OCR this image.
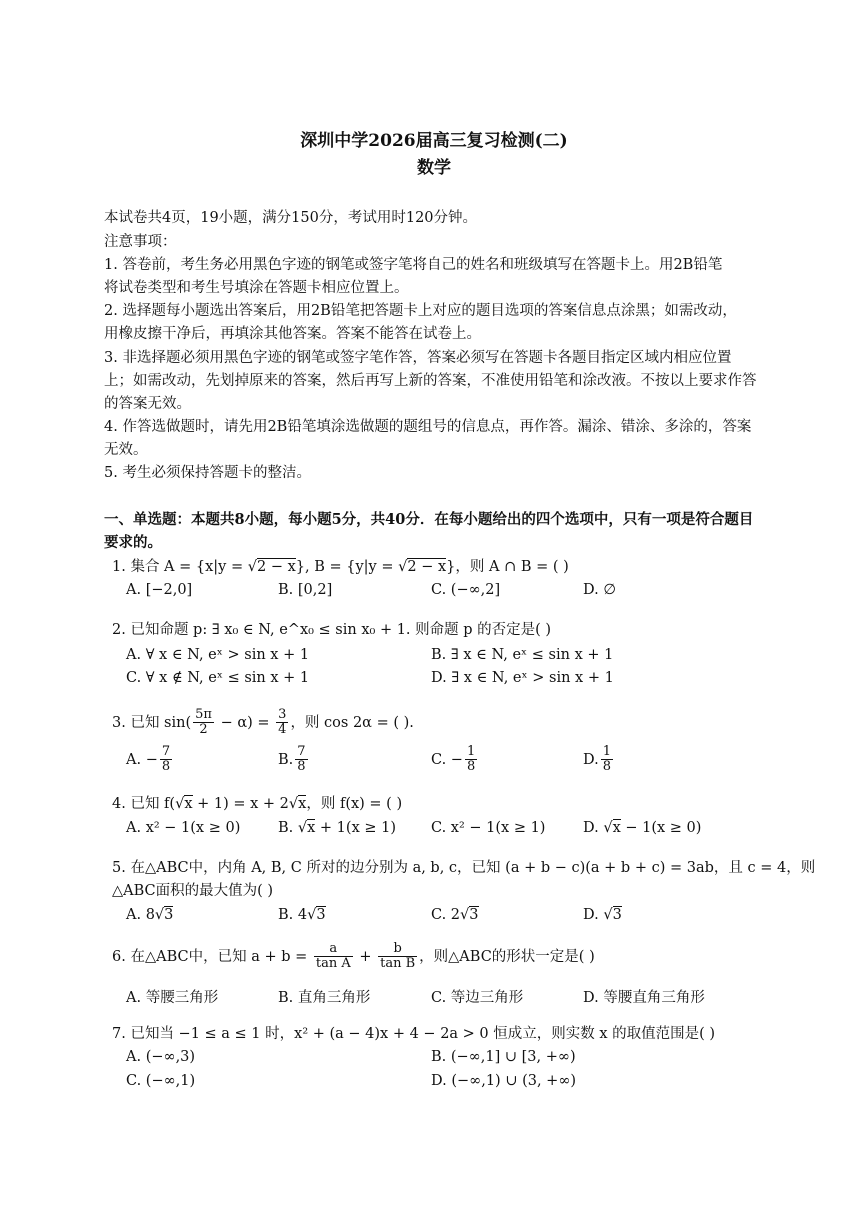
深圳中学2026届高三复习检测(二)
数学
本试卷共4页，19小题，满分150分，考试用时120分钟。
注意事项：
1. 答卷前，考生务必用黑色字迹的钢笔或签字笔将自己的姓名和班级填写在答题卡上。用2B铅笔
将试卷类型和考生号填涂在答题卡相应位置上。
2. 选择题每小题选出答案后，用2B铅笔把答题卡上对应的题目选项的答案信息点涂黑；如需改动，
用橡皮擦干净后，再填涂其他答案。答案不能答在试卷上。
3. 非选择题必须用黑色字迹的钢笔或签字笔作答，答案必须写在答题卡各题目指定区域内相应位置
上；如需改动，先划掉原来的答案，然后再写上新的答案，不准使用铅笔和涂改液。不按以上要求作答
的答案无效。
4. 作答选做题时，请先用2B铅笔填涂选做题的题组号的信息点，再作答。漏涂、错涂、多涂的，答案
无效。
5. 考生必须保持答题卡的整洁。
一、单选题：本题共8小题，每小题5分，共40分．在每小题给出的四个选项中，只有一项是符合题目
要求的。
1. 集合 A = {x|y = √2 − x}, B = {y|y = √2 − x}，则 A ∩ B = ( )
A. [−2,0]	B. [0,2]	C. (−∞,2]	D. ∅
2. 已知命题 p: ∃ x₀ ∈ N, e^x₀ ≤ sin x₀ + 1. 则命题 p 的否定是( )
A. ∀ x ∈ N, eˣ > sin x + 1	B. ∃ x ∈ N, eˣ ≤ sin x + 1
C. ∀ x ∉ N, eˣ ≤ sin x + 1	D. ∃ x ∈ N, eˣ > sin x + 1
3. 已知 $\sin( \frac{5\pi}{2} - \alpha) = \frac{3}{4}$ ，则 cos 2α = ( ).
A. − $\frac{7}{8}$	B. $\frac{7}{8}$	C. − $\frac{1}{8}$	D. $\frac{1}{8}$
4. 已知 f(√x + 1) = x + 2√x，则 f(x) = ( )
A. x² − 1(x ≥ 0)	B. √x + 1(x ≥ 1) C. x² − 1(x ≥ 1)	D. √x − 1(x ≥ 0)
5. 在△ABC中，内角 A, B, C 所对的边分别为 a, b, c，已知 (a + b − c)(a + b + c) = 3ab，且 c = 4，则
△ABC面积的最大值为( )
A. 8√3	B. 4√3	C. 2√3	D. √3
6. 在△ABC中，已知 $a + b = \frac{a}{\text{tan A}} + \frac{b}{\text{tan B}}$ ，则△ABC的形状一定是( )
A. 等腰三角形	B. 直角三角形	C. 等边三角形	D. 等腰直角三角形
7. 已知当 −1 ≤ a ≤ 1 时，x² + (a − 4)x + 4 − 2a > 0 恒成立，则实数 x 的取值范围是( )
A. (−∞,3)	B. (−∞,1] ∪ [3, +∞)
C. (−∞,1)	D. (−∞,1) ∪ (3, +∞)
